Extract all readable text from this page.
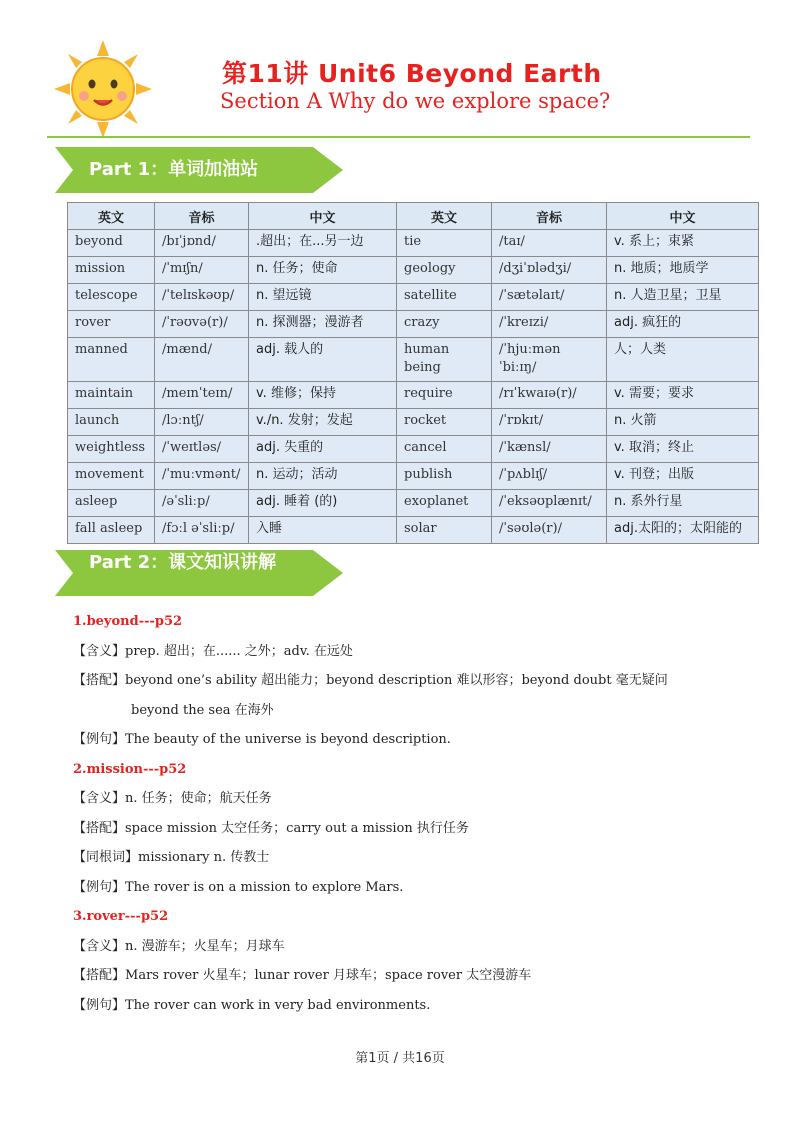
第11讲 Unit6 Beyond Earth
Section A Why do we explore space?
Part 1：单词加油站
英文	音标	中文	英文	音标	中文
beyond	/bɪˈjɒnd/	.超出；在...另一边	tie	/taɪ/	v. 系上；束紧
mission	/ˈmɪʃn/	n. 任务；使命	geology	/dʒiˈɒlədʒi/	n. 地质；地质学
telescope	/ˈtelɪskəʊp/	n. 望远镜	satellite	/ˈsætəlaɪt/	n. 人造卫星；卫星
rover	/ˈrəʊvə(r)/	n. 探测器；漫游者	crazy	/ˈkreɪzi/	adj. 疯狂的
manned	/mænd/	adj. 载人的	human being	/ˈhjuːmən ˈbiːɪŋ/	人；人类
maintain	/meɪnˈteɪn/	v. 维修；保持	require	/rɪˈkwaɪə(r)/	v. 需要；要求
launch	/lɔːntʃ/	v./n. 发射；发起	rocket	/ˈrɒkɪt/	n. 火箭
weightless	/ˈweɪtləs/	adj. 失重的	cancel	/ˈkænsl/	v. 取消；终止
movement	/ˈmuːvmənt/	n. 运动；活动	publish	/ˈpʌblɪʃ/	v. 刊登；出版
asleep	/əˈsliːp/	adj. 睡着 (的)	exoplanet	/ˈeksəʊplænɪt/	n. 系外行星
fall asleep	/fɔːl əˈsliːp/	入睡	solar	/ˈsəʊlə(r)/	adj.太阳的；太阳能的
Part 2：课文知识讲解
1.beyond---p52
【含义】prep. 超出；在...... 之外；adv. 在远处
【搭配】beyond one’s ability 超出能力；beyond description 难以形容；beyond doubt 毫无疑问
beyond the sea 在海外
【例句】The beauty of the universe is beyond description.
2.mission---p52
【含义】n. 任务；使命；航天任务
【搭配】space mission 太空任务；carry out a mission 执行任务
【同根词】missionary n. 传教士
【例句】The rover is on a mission to explore Mars.
3.rover---p52
【含义】n. 漫游车；火星车；月球车
【搭配】Mars rover 火星车；lunar rover 月球车；space rover 太空漫游车
【例句】The rover can work in very bad environments.
第1页 / 共16页
